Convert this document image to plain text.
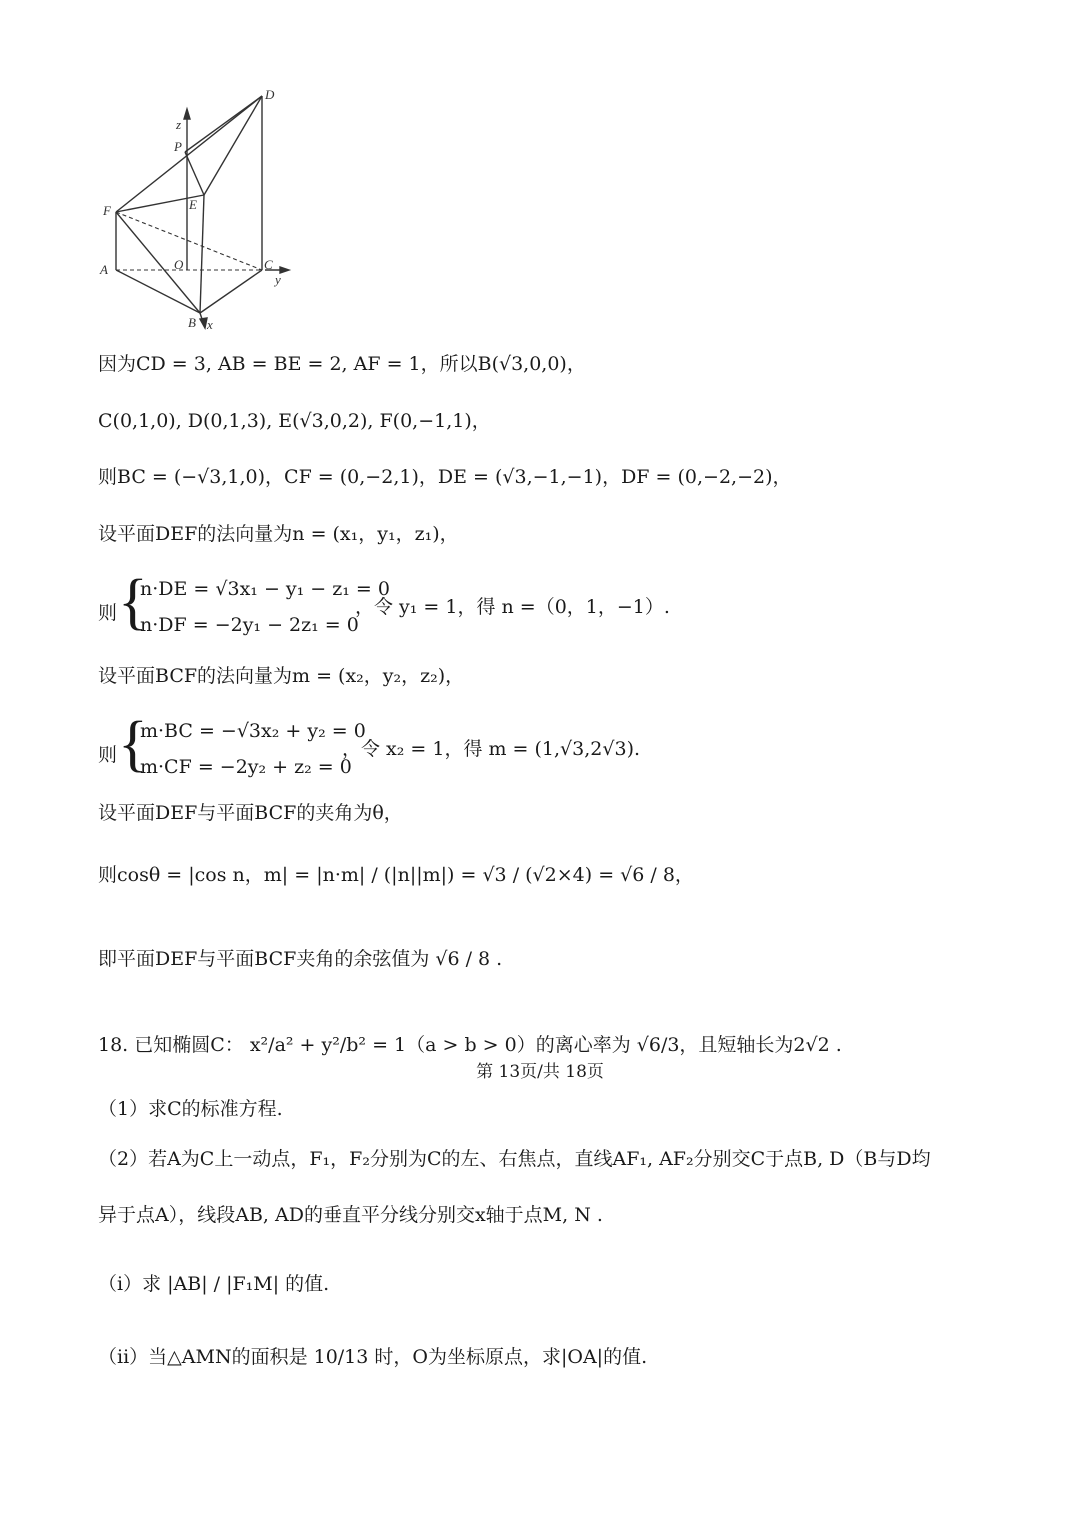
D
z
P
E
F
A	O	C
y
B x
因为CD = 3, AB = BE = 2, AF = 1，所以B(√3,0,0)，
C(0,1,0), D(0,1,3), E(√3,0,2), F(0,−1,1)，
则BC = (−√3,1,0)，CF = (0,−2,1)，DE = (√3,−1,−1)，DF = (0,−2,−2)，
设平面DEF的法向量为n = (x₁，y₁，z₁)，
则 {
n·DE = √3x₁ − y₁ − z₁ = 0
n·DF = −2y₁ − 2z₁ = 0
，令 y₁ = 1，得 n =（0，1，−1）.
设平面BCF的法向量为m = (x₂，y₂，z₂)，
则 {
m·BC = −√3x₂ + y₂ = 0
m·CF = −2y₂ + z₂ = 0
，令 x₂ = 1，得 m = (1,√3,2√3).
设平面DEF与平面BCF的夹角为θ，
则cosθ = |cos n，m| = |n·m| / (|n||m|) = √3 / (√2×4) = √6 / 8，
即平面DEF与平面BCF夹角的余弦值为 √6 / 8 .
18. 已知椭圆C： x²/a² + y²/b² = 1（a > b > 0）的离心率为 √6/3，且短轴长为2√2 .
（1）求C的标准方程.
（2）若A为C上一动点，F₁，F₂分别为C的左、右焦点，直线AF₁, AF₂分别交C于点B, D（B与D均
异于点A），线段AB, AD的垂直平分线分别交x轴于点M, N .
（i）求 |AB| / |F₁M| 的值.
（ii）当△AMN的面积是 10/13 时，O为坐标原点，求|OA|的值.
第 13页/共 18页
